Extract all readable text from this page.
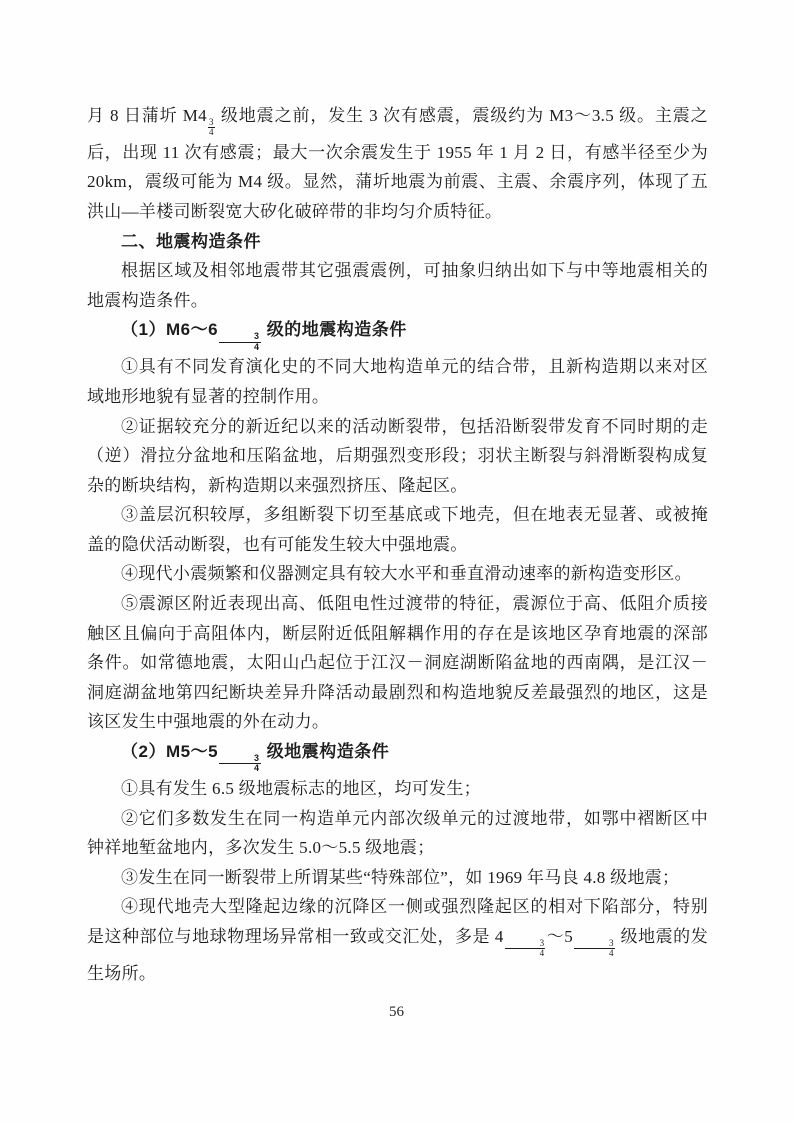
月 8 日蒲圻 M4
$\frac{3}{4}$
级地震之前，发生 3 次有感震，震级约为 M3～3.5 级。主震之后，出现 11 次有感震；最大一次余震发生于 1955 年 1 月 2 日，有感半径至少为 20km，震级可能为 M4 级。显然，蒲圻地震为前震、主震、余震序列，体现了五洪山—羊楼司断裂宽大矽化破碎带的非均匀介质特征。

二、地震构造条件

根据区域及相邻地震带其它强震震例，可抽象归纳出如下与中等地震相关的地震构造条件。

（1）M6～6
$\frac{3}{4}$
级的地震构造条件

①具有不同发育演化史的不同大地构造单元的结合带，且新构造期以来对区域地形地貌有显著的控制作用。

②证据较充分的新近纪以来的活动断裂带，包括沿断裂带发育不同时期的走（逆）滑拉分盆地和压陷盆地，后期强烈变形段；羽状主断裂与斜滑断裂构成复杂的断块结构，新构造期以来强烈挤压、隆起区。

③盖层沉积较厚，多组断裂下切至基底或下地壳，但在地表无显著、或被掩盖的隐伏活动断裂，也有可能发生较大中强地震。

④现代小震频繁和仪器测定具有较大水平和垂直滑动速率的新构造变形区。

⑤震源区附近表现出高、低阻电性过渡带的特征，震源位于高、低阻介质接触区且偏向于高阻体内，断层附近低阻解耦作用的存在是该地区孕育地震的深部条件。如常德地震，太阳山凸起位于江汉－洞庭湖断陷盆地的西南隅，是江汉－洞庭湖盆地第四纪断块差异升降活动最剧烈和构造地貌反差最强烈的地区，这是该区发生中强地震的外在动力。

（2）M5～5
$\frac{3}{4}$
级地震构造条件

①具有发生 6.5 级地震标志的地区，均可发生；

②它们多数发生在同一构造单元内部次级单元的过渡地带，如鄂中褶断区中钟祥地堑盆地内，多次发生 5.0～5.5 级地震；

③发生在同一断裂带上所谓某些“特殊部位”，如 1969 年马良 4.8 级地震；

④现代地壳大型隆起边缘的沉降区一侧或强烈隆起区的相对下陷部分，特别是这种部位与地球物理场异常相一致或交汇处，多是 4
$\frac{3}{4}$
～5
$\frac{3}{4}$
级地震的发生场所。

56
